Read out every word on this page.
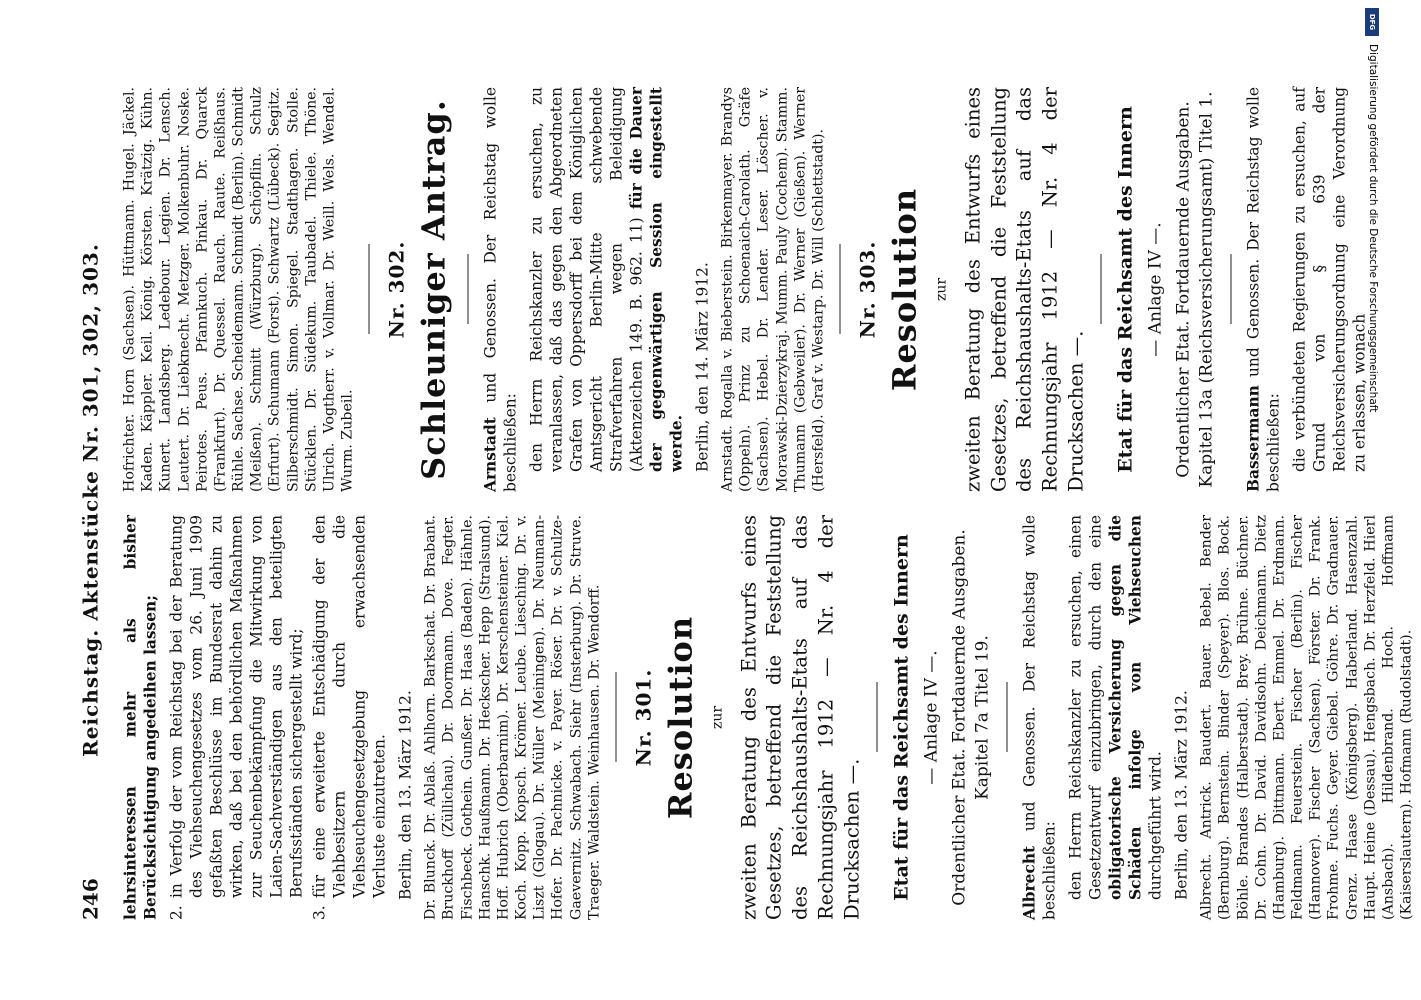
246
Reichstag. Aktenstücke Nr. 301, 302, 303. lehrsinteressen mehr als bisher Berücksichtigung angedeihen lassen; 2.
in Verfolg der vom Reichstag bei der Beratung des Viehseuchengesetzes vom 26. Juni 1909 gefaßten Beschlüsse im Bundesrat dahin zu wirken, daß bei den behördlichen Maßnahmen zur Seuchenbekämpfung die Mitwirkung von Laien-Sachverständigen aus den beteiligten Berufsständen sichergestellt wird;
3.
für eine erweiterte Entschädigung der den Viehbesitzern durch die Viehseuchengesetzgebung erwachsenden Verluste einzutreten. Berlin, den 13. März 1912. Dr. Blunck. Dr. Ablaß. Ahlhorn. Barkschat. Dr. Brabant. Bruckhoff (Züllichau). Dr. Doormann. Dove. Fegter. Fischbeck. Gothein. Gunßer. Dr. Haas (Baden). Hähnle. Hanschk. Haußmann. Dr. Heckscher. Hepp (Stralsund). Hoff. Hubrich (Oberbarnim). Dr. Kerschensteiner. Kiel. Koch. Kopp. Kopsch. Krömer. Leube. Liesching. Dr. v. Liszt (Glogau). Dr. Müller (Meiningen). Dr. Neumann-Hofer. Dr. Pachnicke. v. Payer. Röser. Dr. v. Schulze-Gaevernitz. Schwabach. Siehr (Insterburg). Dr. Struve. Traeger. Waldstein. Weinhausen. Dr. Wendorff. Nr. 301. Resolution zur zweiten Beratung des Entwurfs eines Gesetzes, betreffend die Feststellung des Reichshaushalts-Etats auf das Rechnungsjahr 1912 — Nr. 4 der Drucksachen —. Etat für das Reichsamt des Innern — Anlage IV —. Ordentlicher Etat. Fortdauernde Ausgaben. Kapitel 7a Titel 19.

Albrecht und Genossen. Der Reichstag wolle beschließen: den Herrn Reichskanzler zu ersuchen, einen Gesetzentwurf einzubringen, durch den eine obligatorische Versicherung gegen die Schäden infolge von Viehseuchen durchgeführt wird. Berlin, den 13. März 1912. Albrecht. Antrick. Baudert. Bauer. Bebel. Bender (Bernburg). Bernstein. Binder (Speyer). Blos. Bock. Böhle. Brandes (Halberstadt). Brey. Brühne. Büchner. Dr. Cohn. Dr. David. Davidsohn. Deichmann. Dietz (Hamburg). Dittmann. Ebert. Emmel. Dr. Erdmann. Feldmann. Feuerstein. Fischer (Berlin). Fischer (Hannover). Fischer (Sachsen). Förster. Dr. Frank. Frohme. Fuchs. Geyer. Giebel. Göhre. Dr. Gradnauer. Grenz. Haase (Königsberg). Haberland. Hasenzahl. Haupt. Heine (Dessau). Hengsbach. Dr. Herzfeld. Hierl (Ansbach). Hildenbrand. Hoch. Hoffmann (Kaiserslautern). Hofmann (Rudolstadt).

Hofrichter. Horn (Sachsen). Hüttmann. Hugel. Jäckel. Kaden. Käppler. Keil. König. Körsten. Krätzig. Kühn. Kunert. Landsberg. Ledebour. Legien. Dr. Lensch. Leutert. Dr. Liebknecht. Metzger. Molkenbuhr. Noske. Peirotes. Peus. Pfannkuch. Pinkau. Dr. Quarck (Frankfurt). Dr. Quessel. Rauch. Raute. Reißhaus. Rühle. Sachse. Scheidemann. Schmidt (Berlin). Schmidt (Meißen). Schmitt (Würzburg). Schöpflin. Schulz (Erfurt). Schumann (Forst). Schwartz (Lübeck). Segitz. Silberschmidt. Simon. Spiegel. Stadthagen. Stolle. Stücklen. Dr. Südekum. Taubadel. Thiele. Thöne. Ulrich. Vogtherr. v. Vollmar. Dr. Weill. Wels. Wendel. Wurm. Zubeil.

Nr. 302. Schleuniger Antrag. Arnstadt und Genossen. Der Reichstag wolle beschließen: den Herrn Reichskanzler zu ersuchen, zu veranlassen, daß das gegen den Abgeordneten Grafen von Oppersdorff bei dem Königlichen Amtsgericht Berlin-Mitte schwebende Strafverfahren wegen Beleidigung (Aktenzeichen 149. B. 962. 11) für die Dauer der gegenwärtigen Session eingestellt werde. Berlin, den 14. März 1912. Arnstadt. Rogalla v. Bieberstein. Birkenmayer. Brandys (Oppeln). Prinz zu Schoenaich-Carolath. Gräfe (Sachsen). Hebel. Dr. Lender. Leser. Löscher. v. Morawski-Dzierzykraj. Mumm. Pauly (Cochem). Stamm. Thumann (Gebweiler). Dr. Werner (Gießen). Werner (Hersfeld). Graf v. Westarp. Dr. Will (Schlettstadt). Nr. 303. Resolution zur zweiten Beratung des Entwurfs eines Gesetzes, betreffend die Feststellung des Reichshaushalts-Etats auf das Rechnungsjahr 1912 — Nr. 4 der Drucksachen —. Etat für das Reichsamt des Innern — Anlage IV —. Ordentlicher Etat. Fortdauernde Ausgaben. Kapitel 13a (Reichsversicherungsamt) Titel 1. Bassermann und Genossen. Der Reichstag wolle beschließen: die verbündeten Regierungen zu ersuchen, auf Grund von § 639 der Reichsversicherungsordnung eine Verordnung zu erlassen, wonach

DFG
Digitalisierung gefördert durch die Deutsche Forschungsgemeinschaft
